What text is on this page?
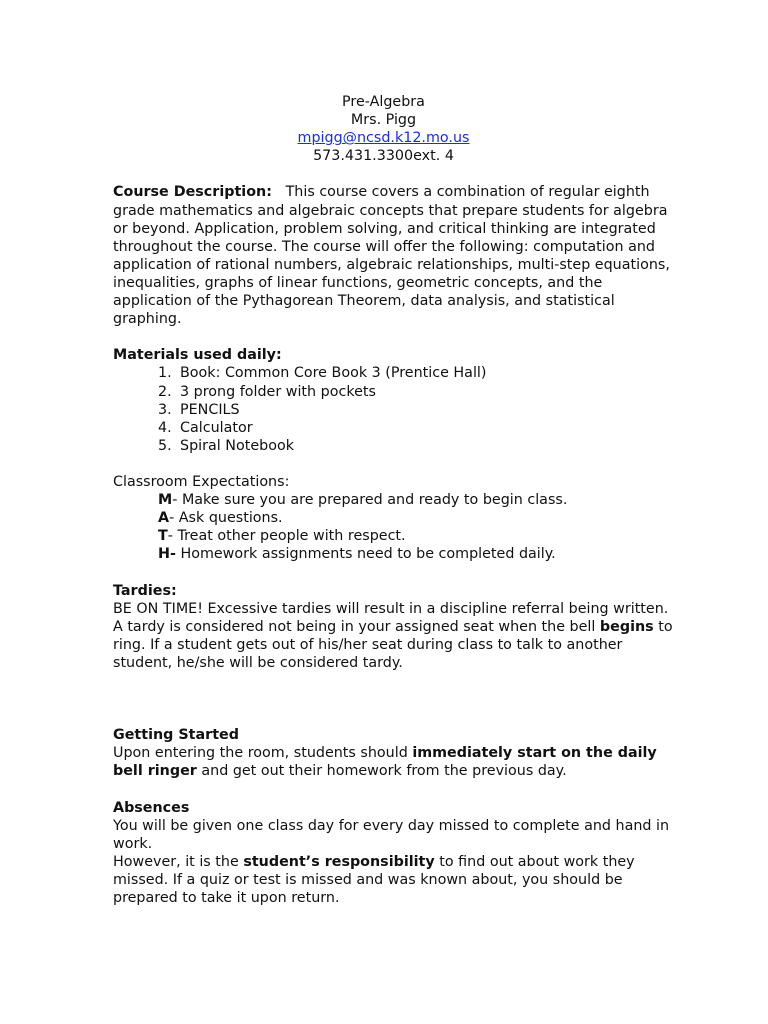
Pre-Algebra
Mrs. Pigg
mpigg@ncsd.k12.mo.us
573.431.3300ext. 4

Course Description: This course covers a combination of regular eighth grade mathematics and algebraic concepts that prepare students for algebra or beyond. Application, problem solving, and critical thinking are integrated throughout the course. The course will offer the following: computation and application of rational numbers, algebraic relationships, multi-step equations, inequalities, graphs of linear functions, geometric concepts, and the application of the Pythagorean Theorem, data analysis, and statistical graphing.

Materials used daily:

1. Book: Common Core Book 3 (Prentice Hall)
2. 3 prong folder with pockets
3. PENCILS
4. Calculator
5. Spiral Notebook

Classroom Expectations:

M- Make sure you are prepared and ready to begin class.
A- Ask questions.
T- Treat other people with respect.
H- Homework assignments need to be completed daily.

Tardies:

BE ON TIME! Excessive tardies will result in a discipline referral being written. A tardy is considered not being in your assigned seat when the bell begins to ring. If a student gets out of his/her seat during class to talk to another student, he/she will be considered tardy.

Getting Started

Upon entering the room, students should immediately start on the daily bell ringer and get out their homework from the previous day.

Absences

You will be given one class day for every day missed to complete and hand in work.

However, it is the student’s responsibility to find out about work they missed. If a quiz or test is missed and was known about, you should be prepared to take it upon return.
